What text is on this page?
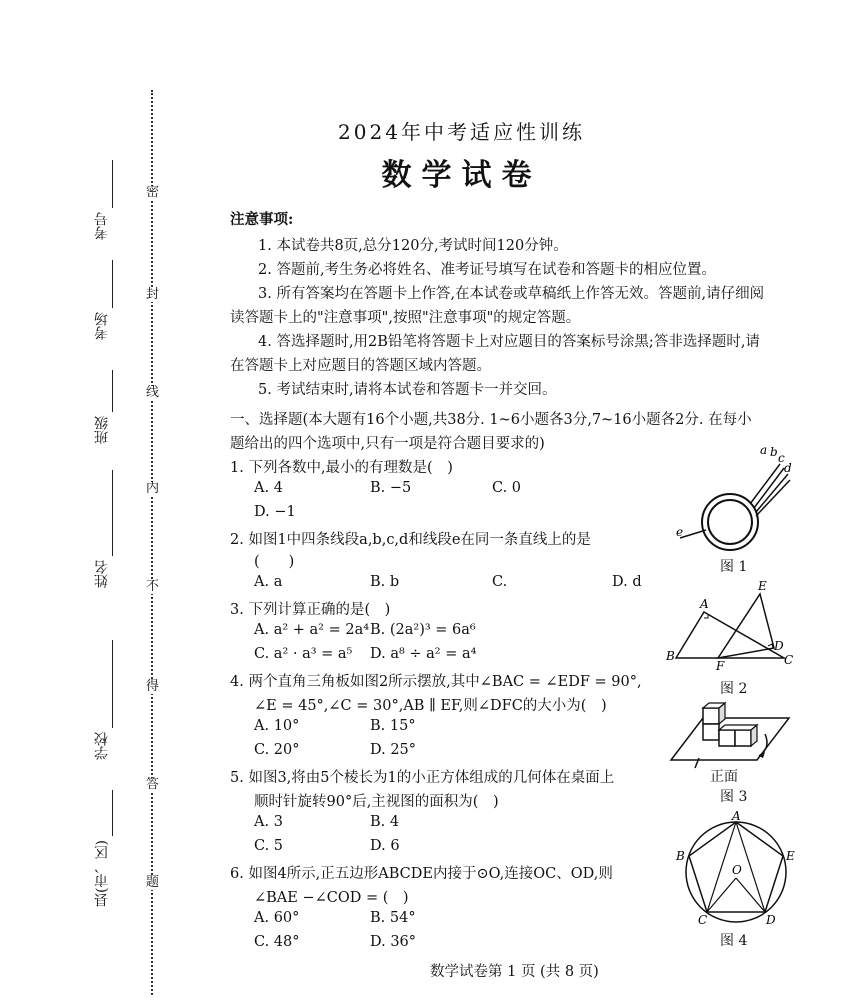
考号
考场
班级
姓名
学校
县(市、区)
密
封
线
内
不
得
答
题
2024年中考适应性训练
数学试卷
注意事项:
1. 本试卷共8页,总分120分,考试时间120分钟。
2. 答题前,考生务必将姓名、准考证号填写在试卷和答题卡的相应位置。
3. 所有答案均在答题卡上作答,在本试卷或草稿纸上作答无效。答题前,请仔细阅
读答题卡上的"注意事项",按照"注意事项"的规定答题。
4. 答选择题时,用2B铅笔将答题卡上对应题目的答案标号涂黑;答非选择题时,请
在答题卡上对应题目的答题区域内答题。
5. 考试结束时,请将本试卷和答题卡一并交回。
一、选择题(本大题有16个小题,共38分. 1~6小题各3分,7~16小题各2分. 在每小
题给出的四个选项中,只有一项是符合题目要求的)
1. 下列各数中,最小的有理数是(　)
A. 4	B. −5	C. 0
D. −1
2. 如图1中四条线段a,b,c,d和线段e在同一条直线上的是
(　　)
A. a	B. b	C.	D. d
3. 下列计算正确的是(　)
A. a² + a² = 2a⁴ B. (2a²)³ = 6a⁶
C. a² · a³ = a⁵ D. a⁸ ÷ a² = a⁴
4. 两个直角三角板如图2所示摆放,其中∠BAC = ∠EDF = 90°,
∠E = 45°,∠C = 30°,AB ∥ EF,则∠DFC的大小为(　)
A. 10°	B. 15°
C. 20°	D. 25°
5. 如图3,将由5个棱长为1的小正方体组成的几何体在桌面上
顺时针旋转90°后,主视图的面积为(　)
A. 3	B. 4
C. 5	D. 6
6. 如图4所示,正五边形ABCDE内接于⊙O,连接OC、OD,则
∠BAE −∠COD = (　)
A. 60°	B. 54°
C. 48°	D. 36°
a b c
d
e
图 1
B
A
E
D
C
F
图 2
正面
图 3
A
B	E
C	D
O
图 4
数学试卷第 1 页 (共 8 页)
